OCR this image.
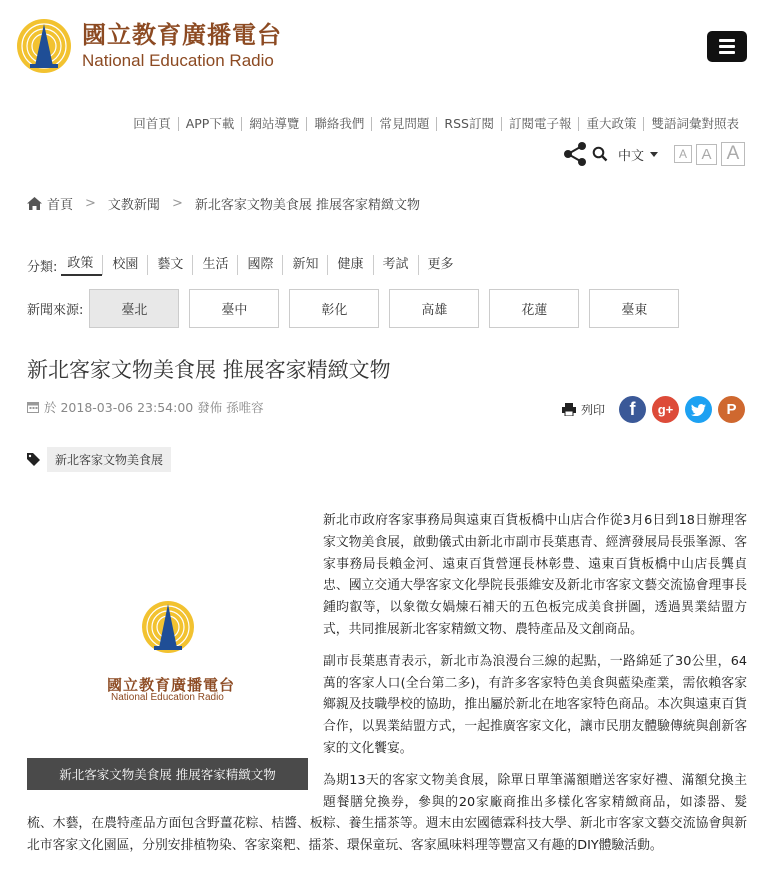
國立教育廣播電台
National Education Radio
回首頁	APP下載	網站導覽	聯絡我們	常見問題	RSS訂閱	訂閱電子報	重大政策	雙語詞彙對照表
中文	A A A
首頁 > 文教新聞 > 新北客家文物美食展 推展客家精緻文物
分類: 政策	校園	藝文	生活	國際	新知	健康	考試	更多
新聞來源:	臺北	臺中	彰化	高雄	花蓮	臺東
新北客家文物美食展 推展客家精緻文物
於 2018-03-06 23:54:00 發佈 孫唯容	列印	f	g+	P
新北客家文物美食展

新北市政府客家事務局與遠東百貨板橋中山店合作從3月6日到18日辦理客家文物美食展，啟動儀式由新北市副市長葉惠青、經濟發展局長張峯源、客家事務局長賴金河、遠東百貨營運長林彰豊、遠東百貨板橋中山店長龔貞忠、國立交通大學客家文化學院長張維安及新北市客家文藝交流協會理事長鍾昀叡等，以象徵女媧煉石補天的五色板完成美食拼圖，透過異業結盟方式，共同推展新北客家精緻文物、農特產品及文創商品。

副市長葉惠青表示，新北市為浪漫台三線的起點，一路綿延了30公里，64萬的客家人口(全台第二多)，有許多客家特色美食與藍染產業，需依賴客家鄉親及技職學校的協助，推出屬於新北在地客家特色商品。本次與遠東百貨合作，以異業結盟方式，一起推廣客家文化，讓市民朋友體驗傳統與創新客家的文化饗宴。

為期13天的客家文物美食展，除單日單筆滿額贈送客家好禮、滿額兌換主題餐膳兌換券，參與的20家廠商推出多樣化客家精緻商品，如漆器、髮梳、木藝，在農特產品方面包含野薑花粽、桔醬、板粽、養生擂茶等。週末由宏國德霖科技大學、新北市客家文藝交流協會與新北市客家文化園區，分別安排植物染、客家粢粑、擂茶、環保童玩、客家風味料理等豐富又有趣的DIY體驗活動。

國立教育廣播電台
National Education Radio
新北客家文物美食展 推展客家精緻文物
